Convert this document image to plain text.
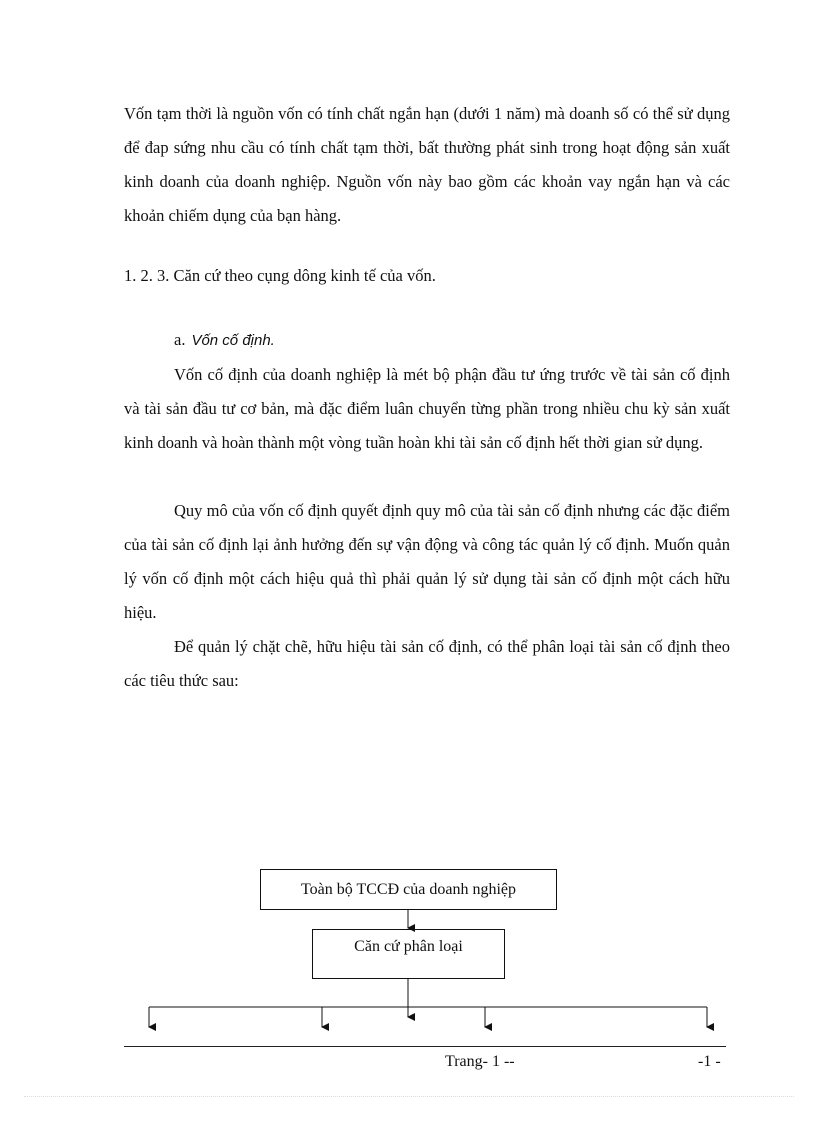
Vốn tạm thời là nguồn vốn có tính chất ngắn hạn (dưới 1 năm) mà doanh số có thể sử dụng để đap sứng nhu cầu có tính chất tạm thời, bất thường phát sinh trong hoạt động sản xuất kinh doanh của doanh nghiệp. Nguồn vốn này bao gồm các khoản vay ngắn hạn và các khoản chiếm dụng của bạn hàng.

1. 2. 3. Căn cứ theo cụng dông kinh tế của vốn.
a. Vốn cố định.

Vốn cố định của doanh nghiệp là mét bộ phận đầu tư ứng trước về tài sản cố định và tài sản đầu tư cơ bản, mà đặc điểm luân chuyển từng phần trong nhiều chu kỳ sản xuất kinh doanh và hoàn thành một vòng tuần hoàn khi tài sản cố định hết thời gian sử dụng.

Quy mô của vốn cố định quyết định quy mô của tài sản cố định nhưng các đặc điểm của tài sản cố định lại ảnh hưởng đến sự vận động và công tác quản lý cố định. Muốn quản lý vốn cố định một cách hiệu quả thì phải quản lý sử dụng tài sản cố định một cách hữu hiệu.

Để quản lý chặt chẽ, hữu hiệu tài sản cố định, có thể phân loại tài sản cố định theo các tiêu thức sau:

Toàn bộ TCCĐ của doanh nghiệp
Căn cứ phân loại
Trang- 1 --	-1 -
